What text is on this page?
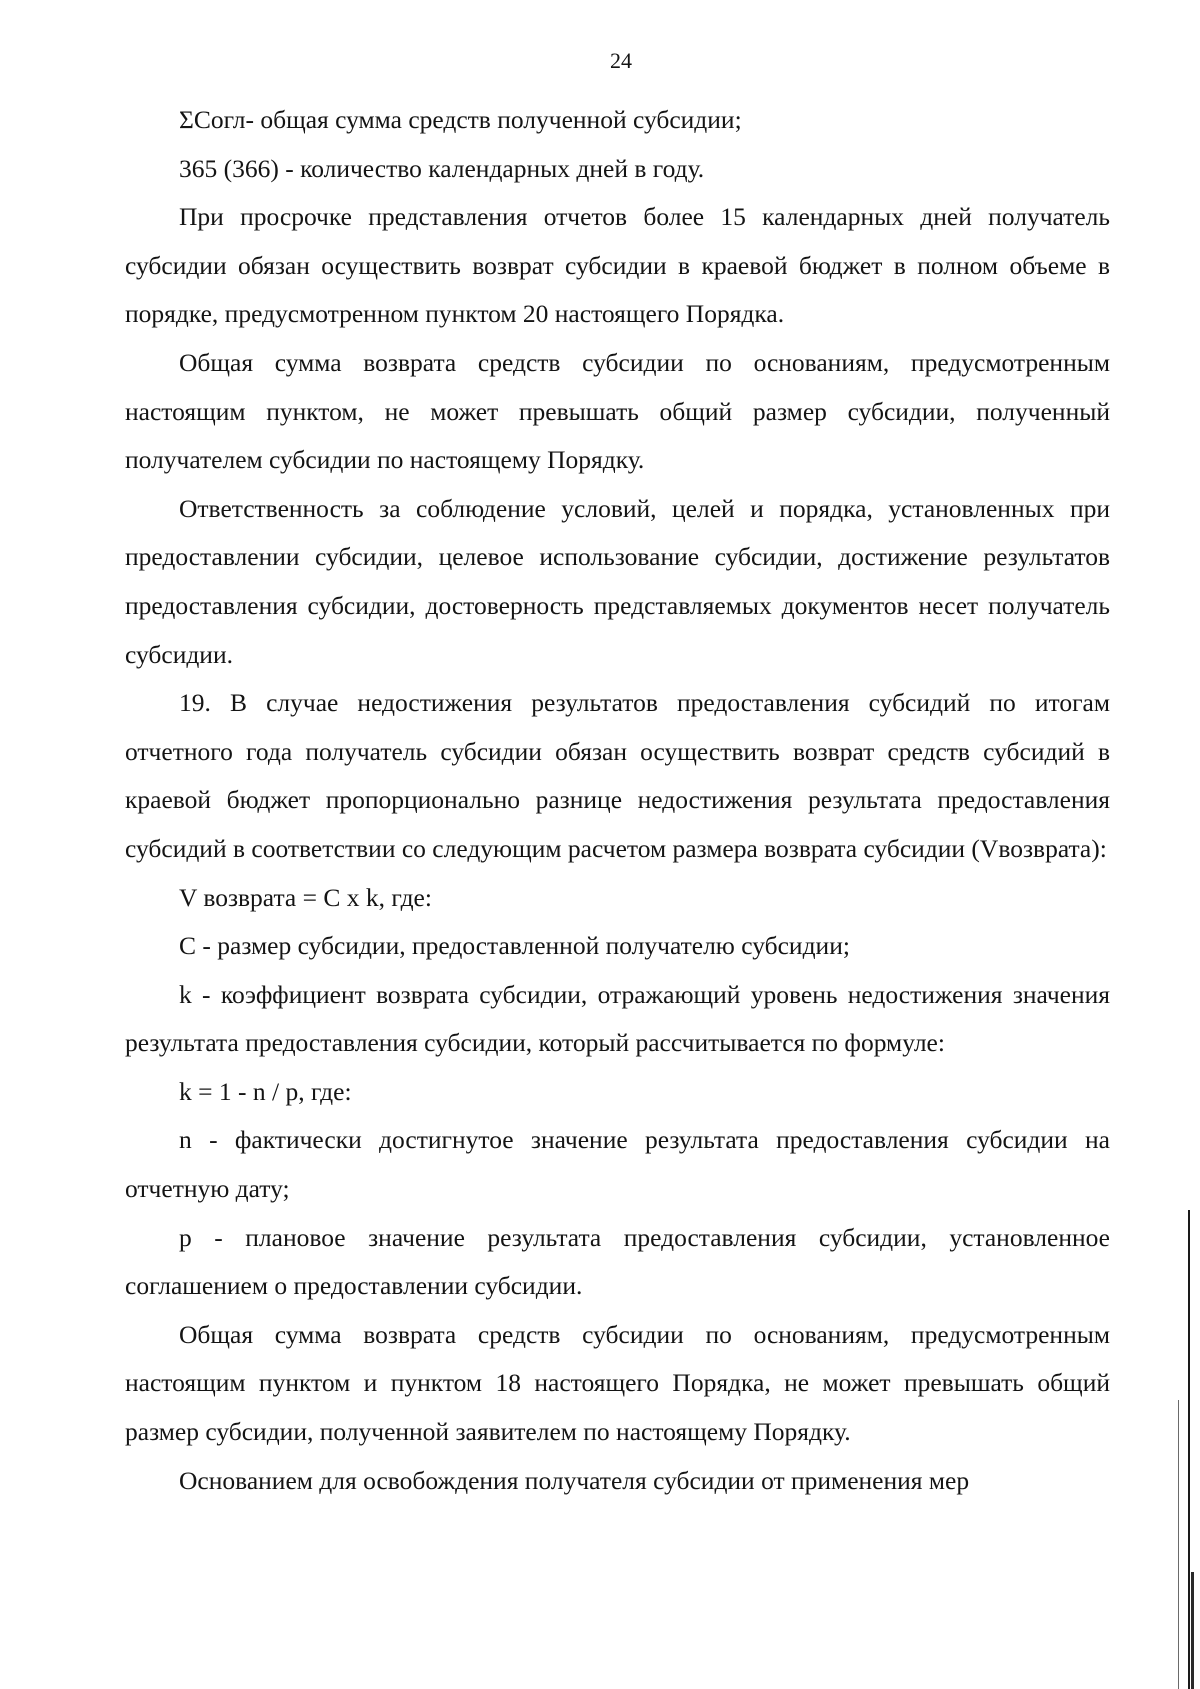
24

ΣСогл- общая сумма средств полученной субсидии;

365 (366) - количество календарных дней в году.

При просрочке представления отчетов более 15 календарных дней получатель субсидии обязан осуществить возврат субсидии в краевой бюджет в полном объеме в порядке, предусмотренном пунктом 20 настоящего Порядка.

Общая сумма возврата средств субсидии по основаниям, предусмотренным настоящим пунктом, не может превышать общий размер субсидии, полученный получателем субсидии по настоящему Порядку.

Ответственность за соблюдение условий, целей и порядка, установленных при предоставлении субсидии, целевое использование субсидии, достижение результатов предоставления субсидии, достоверность представляемых документов несет получатель субсидии.

19. В случае недостижения результатов предоставления субсидий по итогам отчетного года получатель субсидии обязан осуществить возврат средств субсидий в краевой бюджет пропорционально разнице недостижения результата предоставления субсидий в соответствии со следующим расчетом размера возврата субсидии (Vвозврата):

V возврата = С х k, где:

С - размер субсидии, предоставленной получателю субсидии;

k - коэффициент возврата субсидии, отражающий уровень недостижения значения результата предоставления субсидии, который рассчитывается по формуле:

k = 1 - n / p, где:

n - фактически достигнутое значение результата предоставления субсидии на отчетную дату;

p - плановое значение результата предоставления субсидии, установленное соглашением о предоставлении субсидии.

Общая сумма возврата средств субсидии по основаниям, предусмотренным настоящим пунктом и пунктом 18 настоящего Порядка, не может превышать общий размер субсидии, полученной заявителем по настоящему Порядку.

Основанием для освобождения получателя субсидии от применения мер
